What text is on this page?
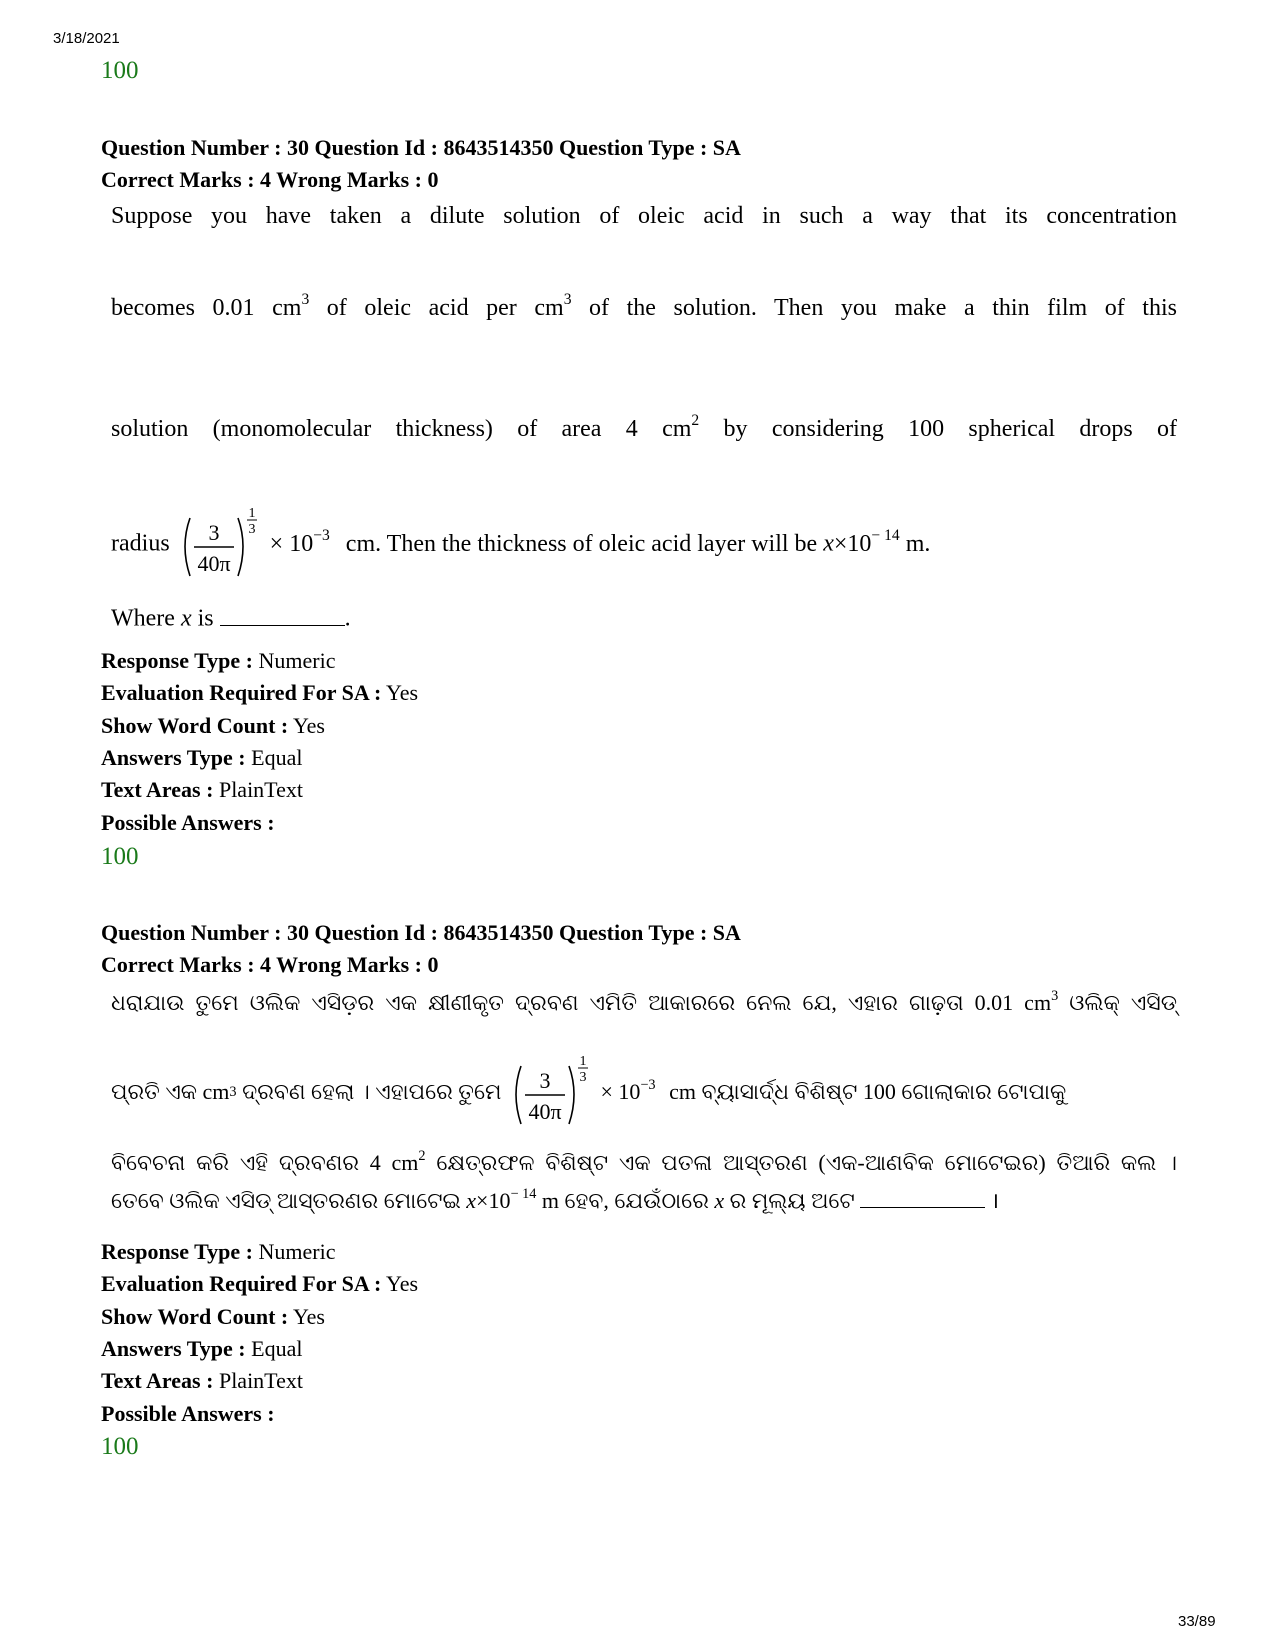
3/18/2021
100
Question Number : 30 Question Id : 8643514350 Question Type : SA
Correct Marks : 4 Wrong Marks : 0
Suppose you have taken a dilute solution of oleic acid in such a way that its concentration
becomes 0.01 $cm^3$ of oleic acid per $cm^3$ of the solution. Then you make a thin film of this
solution (monomolecular thickness) of area 4 $cm^2$ by considering 100 spherical drops of
radius 3
40π
1
3
× $10^{-3}$ cm. Then the thickness of oleic acid layer will be $x\times 10^{- 14}$ m.
Where x is	.
Response Type : Numeric
Evaluation Required For SA : Yes
Show Word Count : Yes
Answers Type : Equal
Text Areas : PlainText
Possible Answers :
100
Question Number : 30 Question Id : 8643514350 Question Type : SA
Correct Marks : 4 Wrong Marks : 0
ଧରାଯାଉ ତୁମେ ଓଲିକ ଏସିଡ଼ର ଏକ କ୍ଷୀଣୀକୃତ ଦ୍ରବଣ ଏମିତି ଆକାରରେ ନେଲ ଯେ, ଏହାର ଗାଢ଼ତା 0.01 $cm^3$ ଓଲିକ୍ ଏସିଡ୍
ପ୍ରତି ଏକ cm3 ଦ୍ରବଣ ହେଲା । ଏହାପରେ ତୁମେ 3
40π
1
3
× $10^{-3}$ cm ବ୍ୟାସାର୍ଦ୍ଧ ବିଶିଷ୍ଟ 100 ଗୋଲାକାର ଟୋପାକୁ
ବିବେଚନା କରି ଏହି ଦ୍ରବଣର 4 $cm^2$ କ୍ଷେତ୍ରଫଳ ବିଶିଷ୍ଟ ଏକ ପତଳା ଆସ୍ତରଣ (ଏକ-ଆଣବିକ ମୋଟେଇର) ତିଆରି କଲ ।
ତେବେ ଓଲିକ ଏସିଡ୍ ଆସ୍ତରଣର ମୋଟେଇ $x\times 10^{- 14}$ m ହେବ, ଯେଉଁଠାରେ x ର ମୂଲ୍ୟ ଅଟେ	।
Response Type : Numeric
Evaluation Required For SA : Yes
Show Word Count : Yes
Answers Type : Equal
Text Areas : PlainText
Possible Answers :
100
33/89
